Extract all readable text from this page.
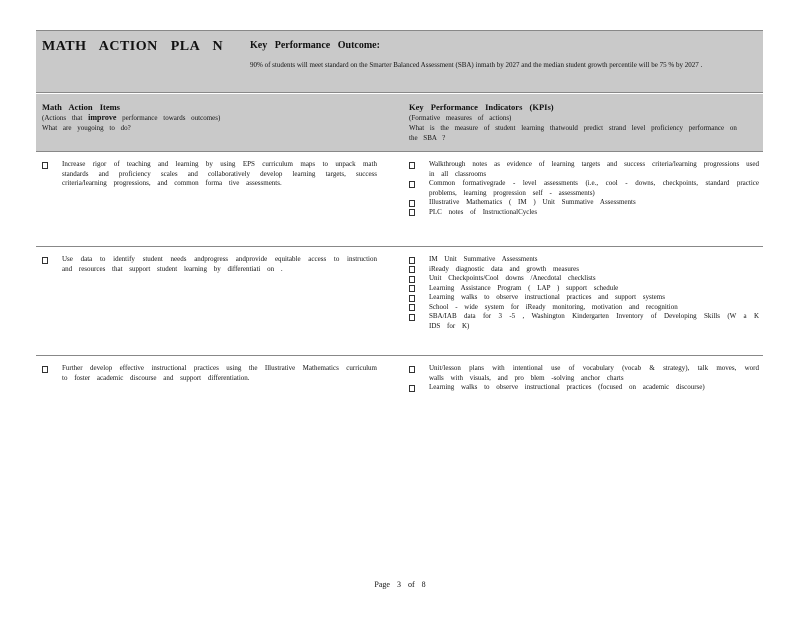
MATH ACTION PLA N	Key Performance Outcome:
90% of students will meet standard on the Smarter Balanced Assessment (SBA) inmath by 2027 and the median student growth percentile will be 75 % by 2027 .
Math Action Items
(Actions that improve performance towards outcomes)
What are yougoing to do?
Key Performance Indicators (KPIs)
(Formative measures of actions)
What is the measure of student learning thatwould predict strand level proficiency performance on the SBA ?
Increase rigor of teaching and learning by using EPS curriculum maps to unpack math standards and proficiency scales and collaboratively develop learning targets, success criteria/learning progressions, and common forma tive assessments.
Walkthrough notes as evidence of learning targets and success criteria/learning progressions used in all classrooms
Common formativegrade - level assessments (i.e., cool - downs, checkpoints, standard practice problems, learning progression self - assessments)
Illustrative Mathematics ( IM ) Unit Summative Assessments
PLC notes of InstructionalCycles
Use data to identify student needs andprogress andprovide equitable access to instruction and resources that support student learning by differentiati on .
IM Unit Summative Assessments
iReady diagnostic data and growth measures
Unit Checkpoints/Cool downs /Anecdotal checklists
Learning Assistance Program ( LAP ) support schedule
Learning walks to observe instructional practices and support systems
School - wide system for iReady monitoring, motivation and recognition
SBA/IAB data for 3 -5 , Washington Kindergarten Inventory of Developing Skills (W a K IDS for K)
Further develop effective instructional practices using the Illustrative Mathematics curriculum to foster academic discourse and support differentiation.
Unit/lesson plans with intentional use of vocabulary (vocab & strategy), talk moves, word walls with visuals, and pro blem -solving anchor charts
Learning walks to observe instructional practices (focused on academic discourse)
Page 3 of 8
